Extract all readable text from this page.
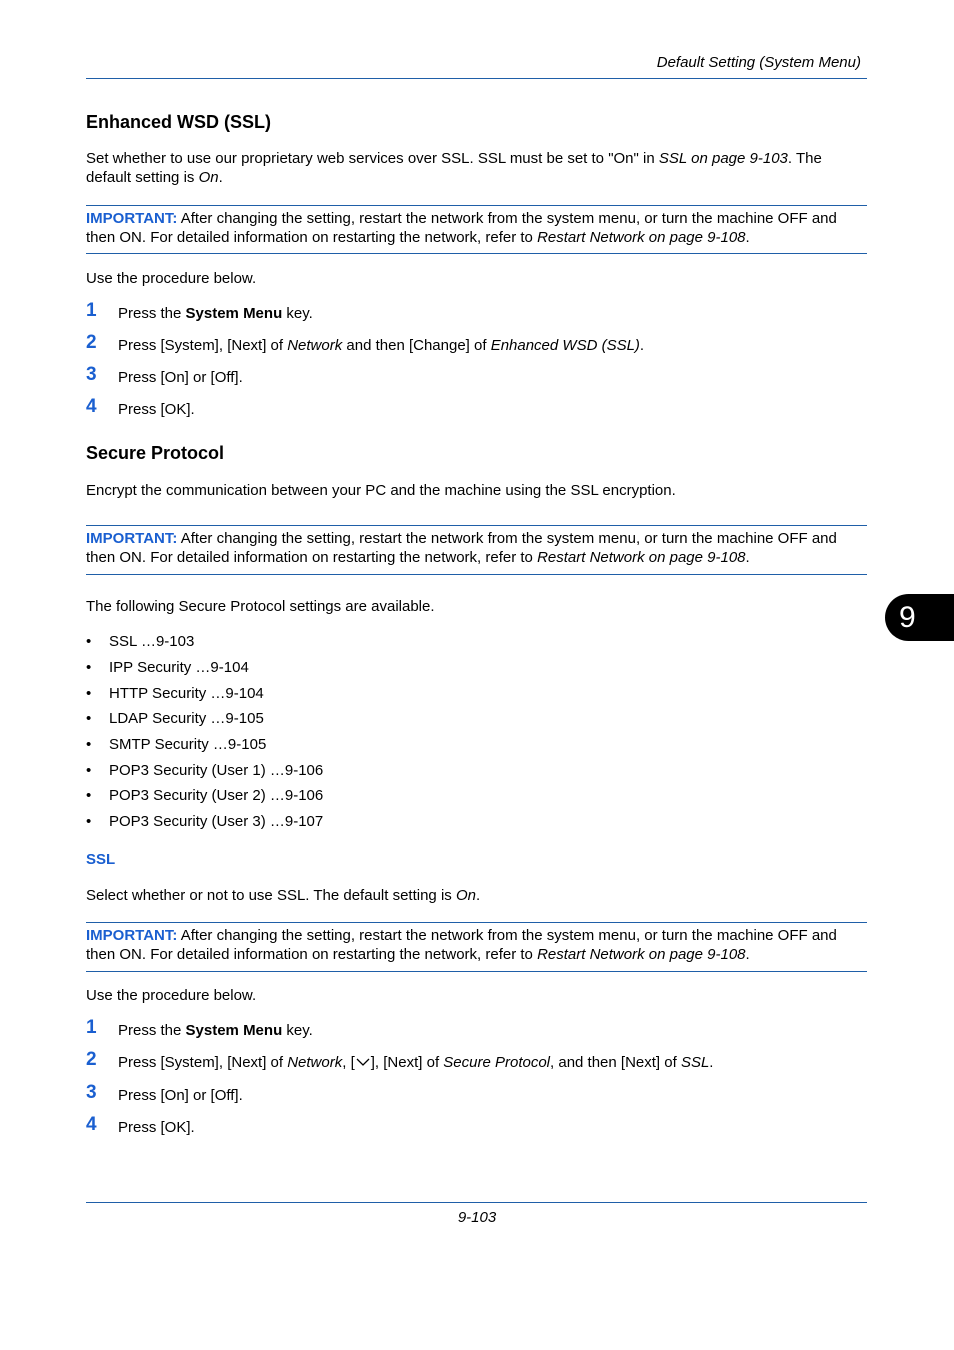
Default Setting (System Menu)
Enhanced WSD (SSL)

Set whether to use our proprietary web services over SSL. SSL must be set to "On" in SSL on page 9-103. The default setting is On.

IMPORTANT: After changing the setting, restart the network from the system menu, or turn the machine OFF and then ON. For detailed information on restarting the network, refer to Restart Network on page 9-108.

Use the procedure below.

1 Press the System Menu key.
2 Press [System], [Next] of Network and then [Change] of Enhanced WSD (SSL).
3 Press [On] or [Off].
4 Press [OK].
Secure Protocol

Encrypt the communication between your PC and the machine using the SSL encryption.

IMPORTANT: After changing the setting, restart the network from the system menu, or turn the machine OFF and then ON. For detailed information on restarting the network, refer to Restart Network on page 9-108.

The following Secure Protocol settings are available.

• SSL …9-103
• IPP Security …9-104
• HTTP Security …9-104
• LDAP Security …9-105
• SMTP Security …9-105
• POP3 Security (User 1) …9-106
• POP3 Security (User 2) …9-106
• POP3 Security (User 3) …9-107
SSL

Select whether or not to use SSL. The default setting is On.

IMPORTANT: After changing the setting, restart the network from the system menu, or turn the machine OFF and then ON. For detailed information on restarting the network, refer to Restart Network on page 9-108.

Use the procedure below.

1 Press the System Menu key.
2 Press [System], [Next] of Network, [ ], [Next] of Secure Protocol, and then [Next] of SSL.
3 Press [On] or [Off].
4 Press [OK].
9
9-103
